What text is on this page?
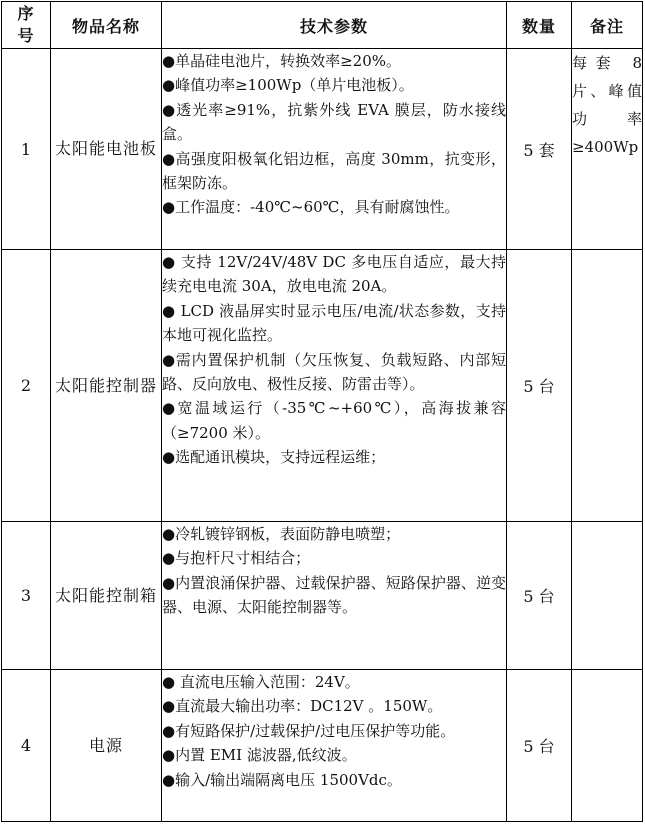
序号	物品名称	技术参数	数量	备注
1	太阳能电池板	●单晶硅电池片，转换效率≥20%。
●峰值功率≥100Wp（单片电池板）。
●透光率≥91%，抗紫外线 EVA 膜层，防水接线盒。
●高强度阳极氧化铝边框，高度 30mm，抗变形，框架防冻。
●工作温度：-40℃~60℃，具有耐腐蚀性。	5 套	每套 8 片、峰值功率≥400Wp
2	太阳能控制器	● 支持 12V/24V/48V DC 多电压自适应，最大持续充电电流 30A，放电电流 20A。
● LCD 液晶屏实时显示电压/电流/状态参数，支持本地可视化监控。
●需内置保护机制（欠压恢复、负载短路、内部短路、反向放电、极性反接、防雷击等）。
●宽温域运行（-35℃~+60℃），高海拔兼容（≥7200 米）。
●选配通讯模块，支持远程运维；	5 台	
3	太阳能控制箱	●冷轧镀锌钢板，表面防静电喷塑；
●与抱杆尺寸相结合；
●内置浪涌保护器、过载保护器、短路保护器、逆变器、电源、太阳能控制器等。	5 台	
4	电源	● 直流电压输入范围：24V。
●直流最大输出功率：DC12V 。150W。
●有短路保护/过载保护/过电压保护等功能。
●内置 EMI 滤波器,低纹波。
●输入/输出端隔离电压 1500Vdc。	5 台	
